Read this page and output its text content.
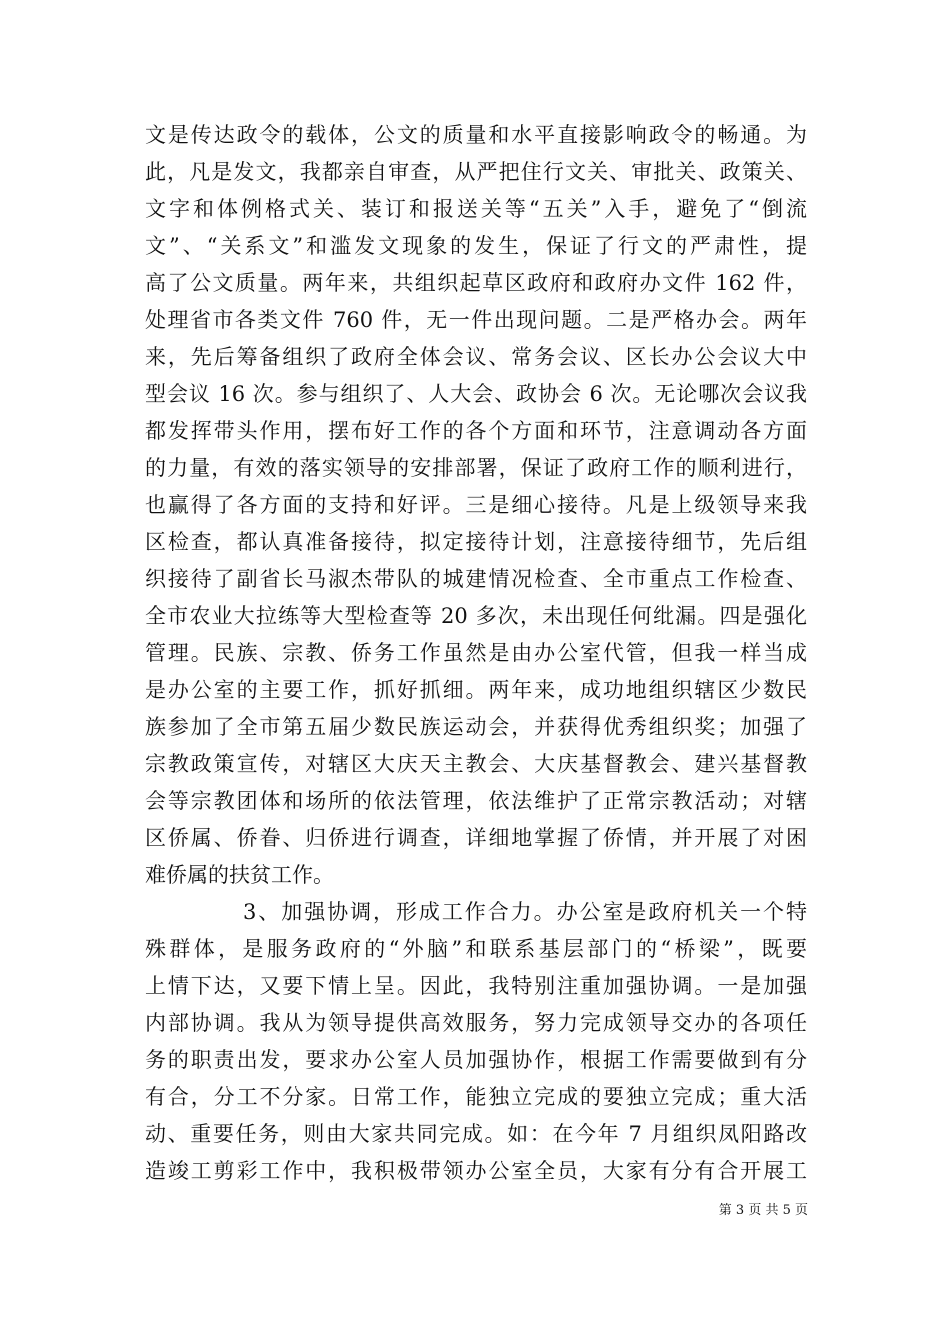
文是传达政令的载体，公文的质量和水平直接影响政令的畅通。为
此，凡是发文，我都亲自审查，从严把住行文关、审批关、政策关、
文字和体例格式关、装订和报送关等“五关”入手，避免了“倒流
文”、“关系文”和滥发文现象的发生，保证了行文的严肃性，提
高了公文质量。两年来，共组织起草区政府和政府办文件 162 件，
处理省市各类文件 760 件，无一件出现问题。二是严格办会。两年
来，先后筹备组织了政府全体会议、常务会议、区长办公会议大中
型会议 16 次。参与组织了、人大会、政协会 6 次。无论哪次会议我
都发挥带头作用，摆布好工作的各个方面和环节，注意调动各方面
的力量，有效的落实领导的安排部署，保证了政府工作的顺利进行，
也赢得了各方面的支持和好评。三是细心接待。凡是上级领导来我
区检查，都认真准备接待，拟定接待计划，注意接待细节，先后组
织接待了副省长马淑杰带队的城建情况检查、全市重点工作检查、
全市农业大拉练等大型检查等 20 多次，未出现任何纰漏。四是强化
管理。民族、宗教、侨务工作虽然是由办公室代管，但我一样当成
是办公室的主要工作，抓好抓细。两年来，成功地组织辖区少数民
族参加了全市第五届少数民族运动会，并获得优秀组织奖；加强了
宗教政策宣传，对辖区大庆天主教会、大庆基督教会、建兴基督教
会等宗教团体和场所的依法管理，依法维护了正常宗教活动；对辖
区侨属、侨眷、归侨进行调查，详细地掌握了侨情，并开展了对困
难侨属的扶贫工作。
3、加强协调，形成工作合力。办公室是政府机关一个特
殊群体，是服务政府的“外脑”和联系基层部门的“桥梁”，既要
上情下达，又要下情上呈。因此，我特别注重加强协调。一是加强
内部协调。我从为领导提供高效服务，努力完成领导交办的各项任
务的职责出发，要求办公室人员加强协作，根据工作需要做到有分
有合，分工不分家。日常工作，能独立完成的要独立完成；重大活
动、重要任务，则由大家共同完成。如：在今年 7 月组织凤阳路改
造竣工剪彩工作中，我积极带领办公室全员，大家有分有合开展工
第 3 页 共 5 页
